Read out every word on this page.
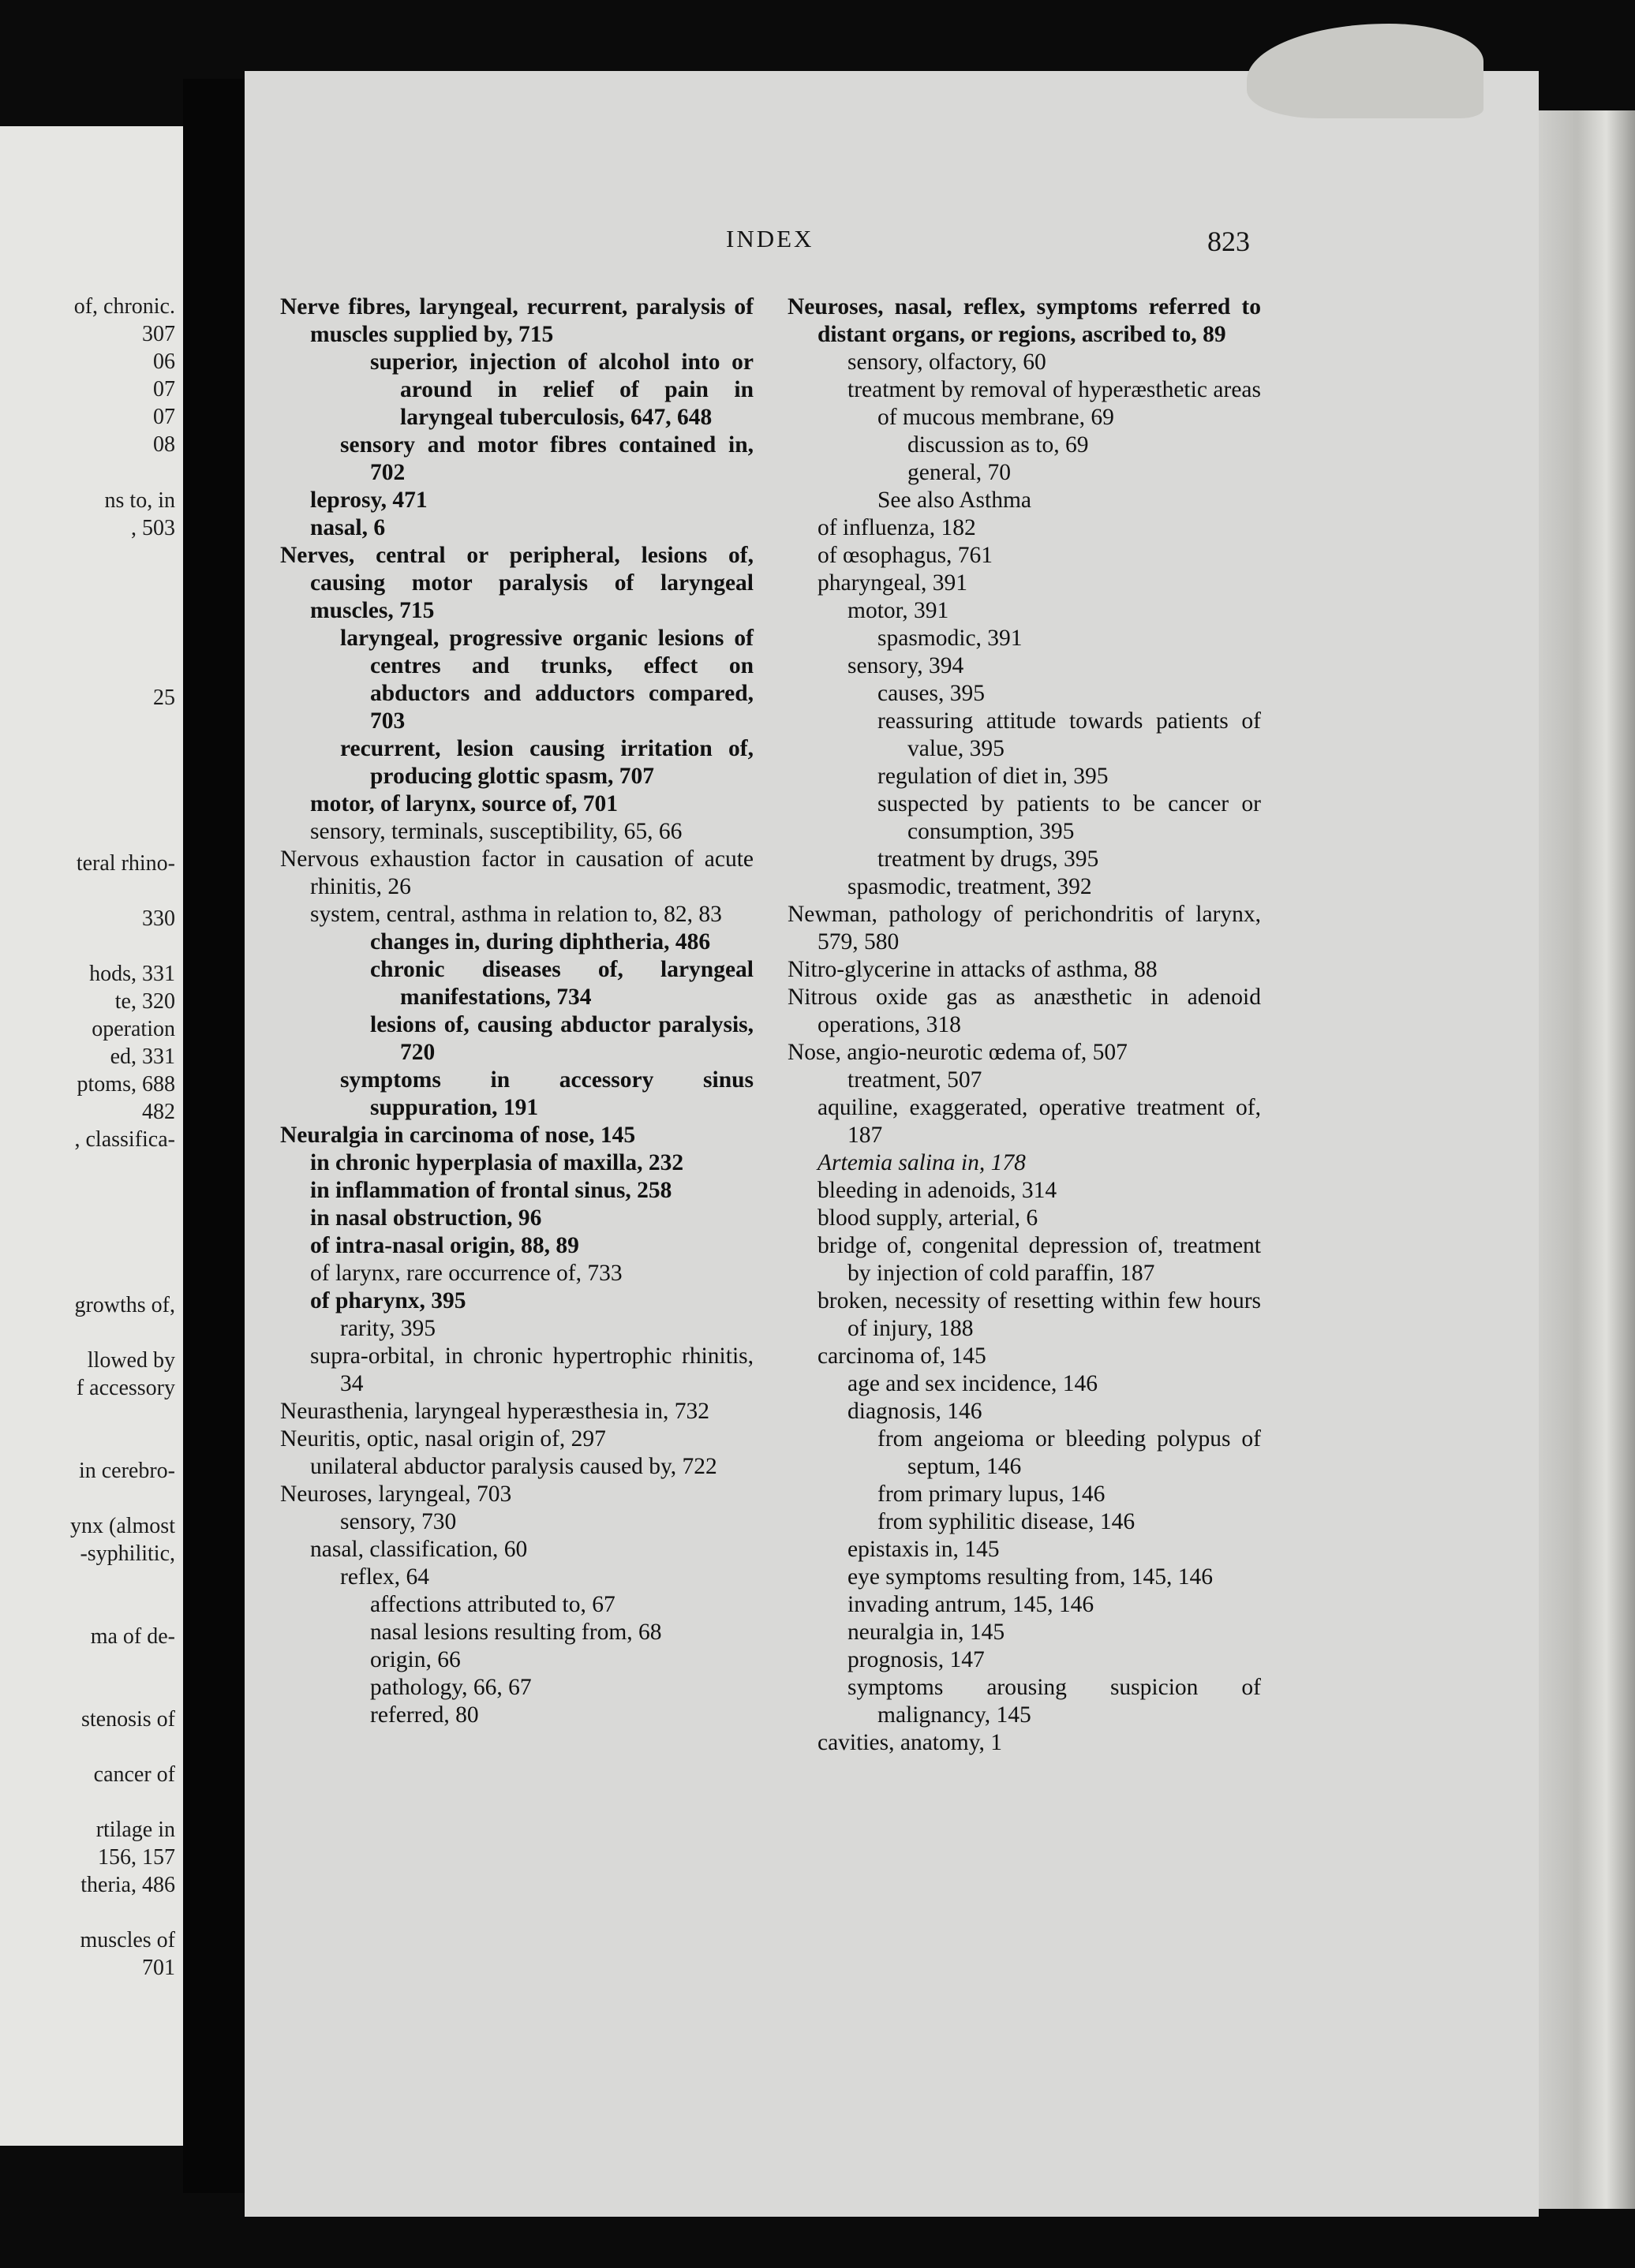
of, chronic.
307
06
07
07
08
ns to, in
, 503
25
teral rhino-
330
hods, 331
te, 320
operation
ed, 331
ptoms, 688
482
, classifica-
growths of,
llowed by
f accessory
in cerebro-
ynx (almost
-syphilitic,
ma of de-
stenosis of
cancer of
rtilage in
156, 157
theria, 486
muscles of
701
INDEX	823

Nerve fibres, laryngeal, recurrent, paralysis of muscles supplied by, 715

superior, injection of alcohol into or around in relief of pain in laryngeal tuberculosis, 647, 648

sensory and motor fibres contained in, 702

leprosy, 471

nasal, 6

Nerves, central or peripheral, lesions of, causing motor paralysis of laryngeal muscles, 715

laryngeal, progressive organic lesions of centres and trunks, effect on abductors and adductors compared, 703

recurrent, lesion causing irritation of, producing glottic spasm, 707

motor, of larynx, source of, 701

sensory, terminals, susceptibility, 65, 66

Nervous exhaustion factor in causation of acute rhinitis, 26

system, central, asthma in relation to, 82, 83

changes in, during diphtheria, 486

chronic diseases of, laryngeal manifestations, 734

lesions of, causing abductor paralysis, 720

symptoms in accessory sinus suppuration, 191

Neuralgia in carcinoma of nose, 145

in chronic hyperplasia of maxilla, 232

in inflammation of frontal sinus, 258

in nasal obstruction, 96

of intra-nasal origin, 88, 89

of larynx, rare occurrence of, 733

of pharynx, 395

rarity, 395

supra-orbital, in chronic hypertrophic rhinitis, 34

Neurasthenia, laryngeal hyperæsthesia in, 732

Neuritis, optic, nasal origin of, 297

unilateral abductor paralysis caused by, 722

Neuroses, laryngeal, 703

sensory, 730

nasal, classification, 60

reflex, 64

affections attributed to, 67

nasal lesions resulting from, 68

origin, 66

pathology, 66, 67

referred, 80

Neuroses, nasal, reflex, symptoms referred to distant organs, or regions, ascribed to, 89

sensory, olfactory, 60

treatment by removal of hyperæsthetic areas of mucous membrane, 69

discussion as to, 69

general, 70

See also Asthma

of influenza, 182

of œsophagus, 761

pharyngeal, 391

motor, 391

spasmodic, 391

sensory, 394

causes, 395

reassuring attitude towards patients of value, 395

regulation of diet in, 395

suspected by patients to be cancer or consumption, 395

treatment by drugs, 395

spasmodic, treatment, 392

Newman, pathology of perichondritis of larynx, 579, 580

Nitro-glycerine in attacks of asthma, 88

Nitrous oxide gas as anæsthetic in adenoid operations, 318

Nose, angio-neurotic œdema of, 507

treatment, 507

aquiline, exaggerated, operative treatment of, 187

Artemia salina in, 178

bleeding in adenoids, 314

blood supply, arterial, 6

bridge of, congenital depression of, treatment by injection of cold paraffin, 187

broken, necessity of resetting within few hours of injury, 188

carcinoma of, 145

age and sex incidence, 146

diagnosis, 146

from angeioma or bleeding polypus of septum, 146

from primary lupus, 146

from syphilitic disease, 146

epistaxis in, 145

eye symptoms resulting from, 145, 146

invading antrum, 145, 146

neuralgia in, 145

prognosis, 147

symptoms arousing suspicion of malignancy, 145

cavities, anatomy, 1
